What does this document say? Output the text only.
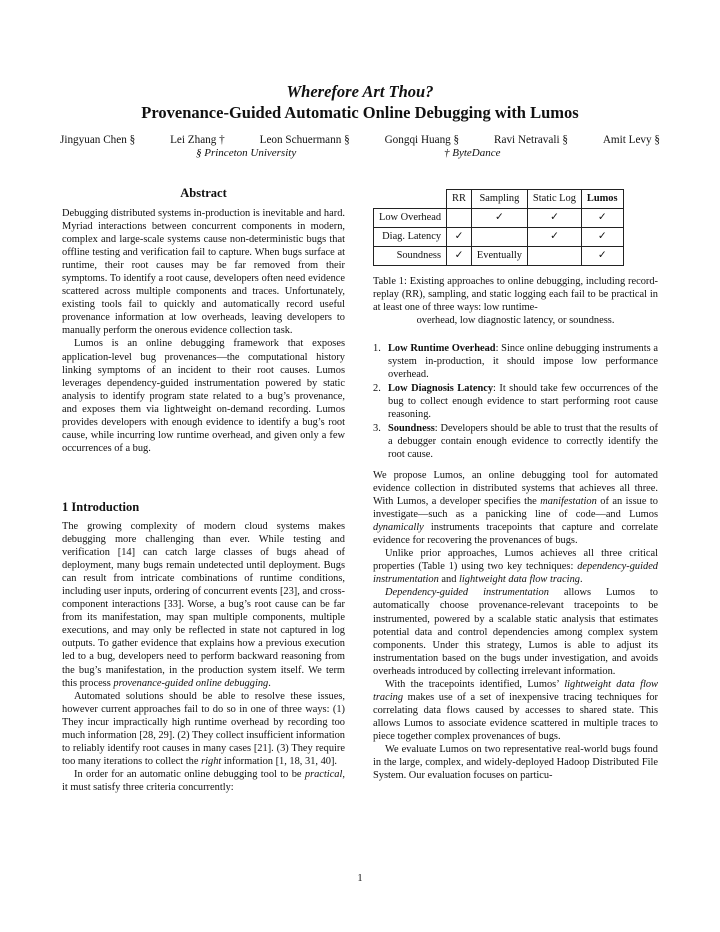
Wherefore Art Thou?
Provenance-Guided Automatic Online Debugging with Lumos
Jingyuan Chen §	Lei Zhang †	Leon Schuermann §	Gongqi Huang §	Ravi Netravali §	Amit Levy §
§ Princeton University	† ByteDance
Abstract

Debugging distributed systems in-production is inevitable and hard. Myriad interactions between concurrent components in modern, complex and large-scale systems cause non-deterministic bugs that offline testing and verification fail to capture. When bugs surface at runtime, their root causes may be far removed from their symptoms. To identify a root cause, developers often need evidence scattered across multiple components and traces. Unfortunately, existing tools fail to quickly and automatically record useful provenance information at low overheads, leaving developers to manually perform the onerous evidence collection task.

Lumos is an online debugging framework that exposes application-level bug provenances—the computational history linking symptoms of an incident to their root causes. Lumos leverages dependency-guided instrumentation powered by static analysis to identify program state related to a bug’s provenance, and exposes them via lightweight on-demand recording. Lumos provides developers with enough evidence to identify a bug’s root cause, while incurring low runtime overhead, and given only a few occurrences of a bug.

1 Introduction

The growing complexity of modern cloud systems makes debugging more challenging than ever. While testing and verification [14] can catch large classes of bugs ahead of deployment, many bugs remain undetected until deployment. Bugs can result from intricate combinations of runtime conditions, including user inputs, ordering of concurrent events [23], and cross-component interactions [33]. Worse, a bug’s root cause can be far from its manifestation, may span multiple components, multiple executions, and may only be reflected in state not captured in log outputs. To gather evidence that explains how a previous execution led to a bug, developers need to perform backward reasoning from the bug’s manifestation, in the production system itself. We term this process provenance-guided online debugging.

Automated solutions should be able to resolve these issues, however current approaches fail to do so in one of three ways: (1) They incur impractically high runtime overhead by recording too much information [28, 29]. (2) They collect insufficient information to reliably identify root causes in many cases [21]. (3) They require too many iterations to collect the right information [1, 18, 31, 40].

In order for an automatic online debugging tool to be practical, it must satisfy three criteria concurrently:

	RR	Sampling	Static Log	Lumos
Low Overhead		✓	✓	✓
Diag. Latency	✓		✓	✓
Soundness	✓	Eventually		✓
Table 1: Existing approaches to online debugging, including record-replay (RR), sampling, and static logging each fail to be practical in at least one of three ways: low runtime-
overhead, low diagnostic latency, or soundness.
1. Low Runtime Overhead: Since online debugging instruments a system in-production, it should impose low performance overhead.
2. Low Diagnosis Latency: It should take few occurrences of the bug to collect enough evidence to start performing root cause reasoning.
3. Soundness: Developers should be able to trust that the results of a debugger contain enough evidence to correctly identify the root cause.

We propose Lumos, an online debugging tool for automated evidence collection in distributed systems that achieves all three. With Lumos, a developer specifies the manifestation of an issue to investigate—such as a panicking line of code—and Lumos dynamically instruments tracepoints that capture and correlate evidence for recovering the provenances of bugs.

Unlike prior approaches, Lumos achieves all three critical properties (Table 1) using two key techniques: dependency-guided instrumentation and lightweight data flow tracing.

Dependency-guided instrumentation allows Lumos to automatically choose provenance-relevant tracepoints to be instrumented, powered by a scalable static analysis that estimates potential data and control dependencies among complex system components. Under this strategy, Lumos is able to adjust its instrumentation based on the bugs under investigation, and avoids overheads introduced by collecting irrelevant information.

With the tracepoints identified, Lumos’ lightweight data flow tracing makes use of a set of inexpensive tracing techniques for correlating data flows caused by accesses to shared state. This allows Lumos to associate evidence scattered in multiple traces to piece together complex provenances of bugs.

We evaluate Lumos on two representative real-world bugs found in the large, complex, and widely-deployed Hadoop Distributed File System. Our evaluation focuses on particu-

1
